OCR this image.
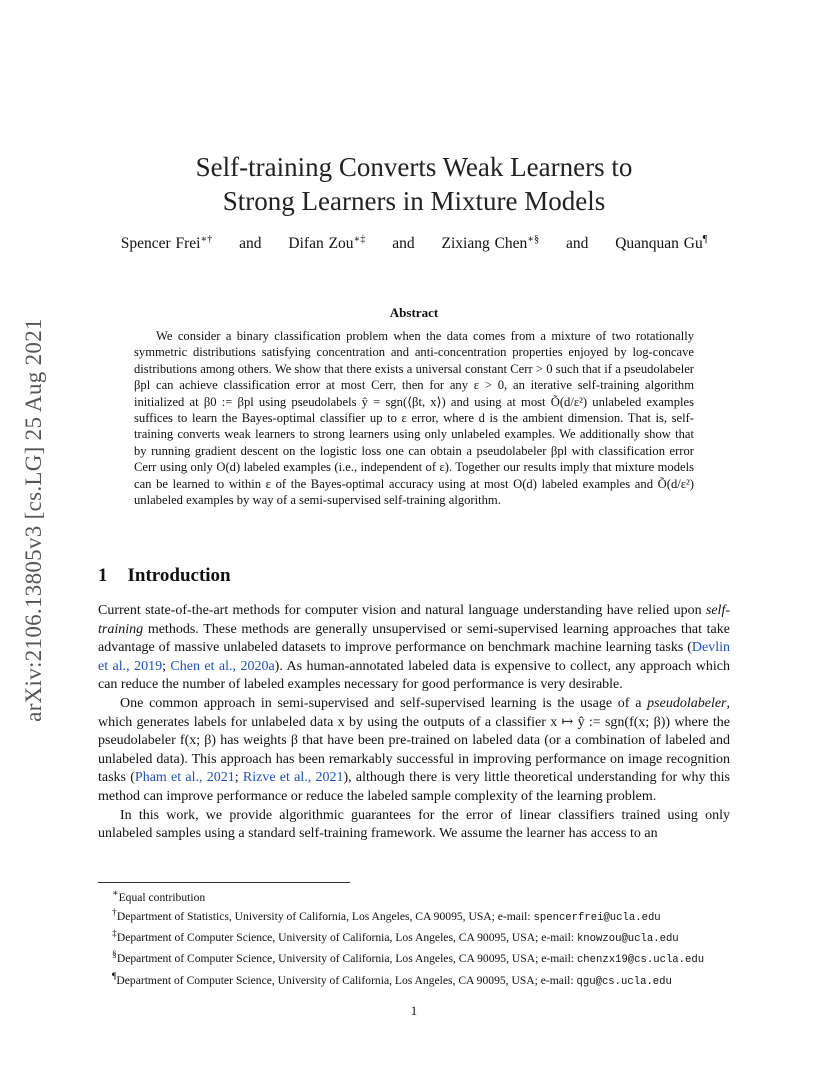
arXiv:2106.13805v3 [cs.LG] 25 Aug 2021
Self-training Converts Weak Learners to
Strong Learners in Mixture Models
Spencer Frei∗† and Difan Zou∗‡ and Zixiang Chen∗§ and Quanquan Gu¶
Abstract
We consider a binary classification problem when the data comes from a mixture of two rotationally symmetric distributions satisfying concentration and anti-concentration properties enjoyed by log-concave distributions among others. We show that there exists a universal constant Cerr > 0 such that if a pseudolabeler βpl can achieve classification error at most Cerr, then for any ε > 0, an iterative self-training algorithm initialized at β0 := βpl using pseudolabels ŷ = sgn(⟨βt, x⟩) and using at most Õ(d/ε²) unlabeled examples suffices to learn the Bayes-optimal classifier up to ε error, where d is the ambient dimension. That is, self-training converts weak learners to strong learners using only unlabeled examples. We additionally show that by running gradient descent on the logistic loss one can obtain a pseudolabeler βpl with classification error Cerr using only O(d) labeled examples (i.e., independent of ε). Together our results imply that mixture models can be learned to within ε of the Bayes-optimal accuracy using at most O(d) labeled examples and Õ(d/ε²) unlabeled examples by way of a semi-supervised self-training algorithm.
1 Introduction

Current state-of-the-art methods for computer vision and natural language understanding have relied upon self-training methods. These methods are generally unsupervised or semi-supervised learning approaches that take advantage of massive unlabeled datasets to improve performance on benchmark machine learning tasks (Devlin et al., 2019; Chen et al., 2020a). As human-annotated labeled data is expensive to collect, any approach which can reduce the number of labeled examples necessary for good performance is very desirable.

One common approach in semi-supervised and self-supervised learning is the usage of a pseudolabeler, which generates labels for unlabeled data x by using the outputs of a classifier x ↦ ŷ := sgn(f(x; β)) where the pseudolabeler f(x; β) has weights β that have been pre-trained on labeled data (or a combination of labeled and unlabeled data). This approach has been remarkably successful in improving performance on image recognition tasks (Pham et al., 2021; Rizve et al., 2021), although there is very little theoretical understanding for why this method can improve performance or reduce the labeled sample complexity of the learning problem.

In this work, we provide algorithmic guarantees for the error of linear classifiers trained using only unlabeled samples using a standard self-training framework. We assume the learner has access to an

∗Equal contribution
†Department of Statistics, University of California, Los Angeles, CA 90095, USA; e-mail: spencerfrei@ucla.edu
‡Department of Computer Science, University of California, Los Angeles, CA 90095, USA; e-mail: knowzou@ucla.edu
§Department of Computer Science, University of California, Los Angeles, CA 90095, USA; e-mail: chenzx19@cs.ucla.edu
¶Department of Computer Science, University of California, Los Angeles, CA 90095, USA; e-mail: qgu@cs.ucla.edu
1
